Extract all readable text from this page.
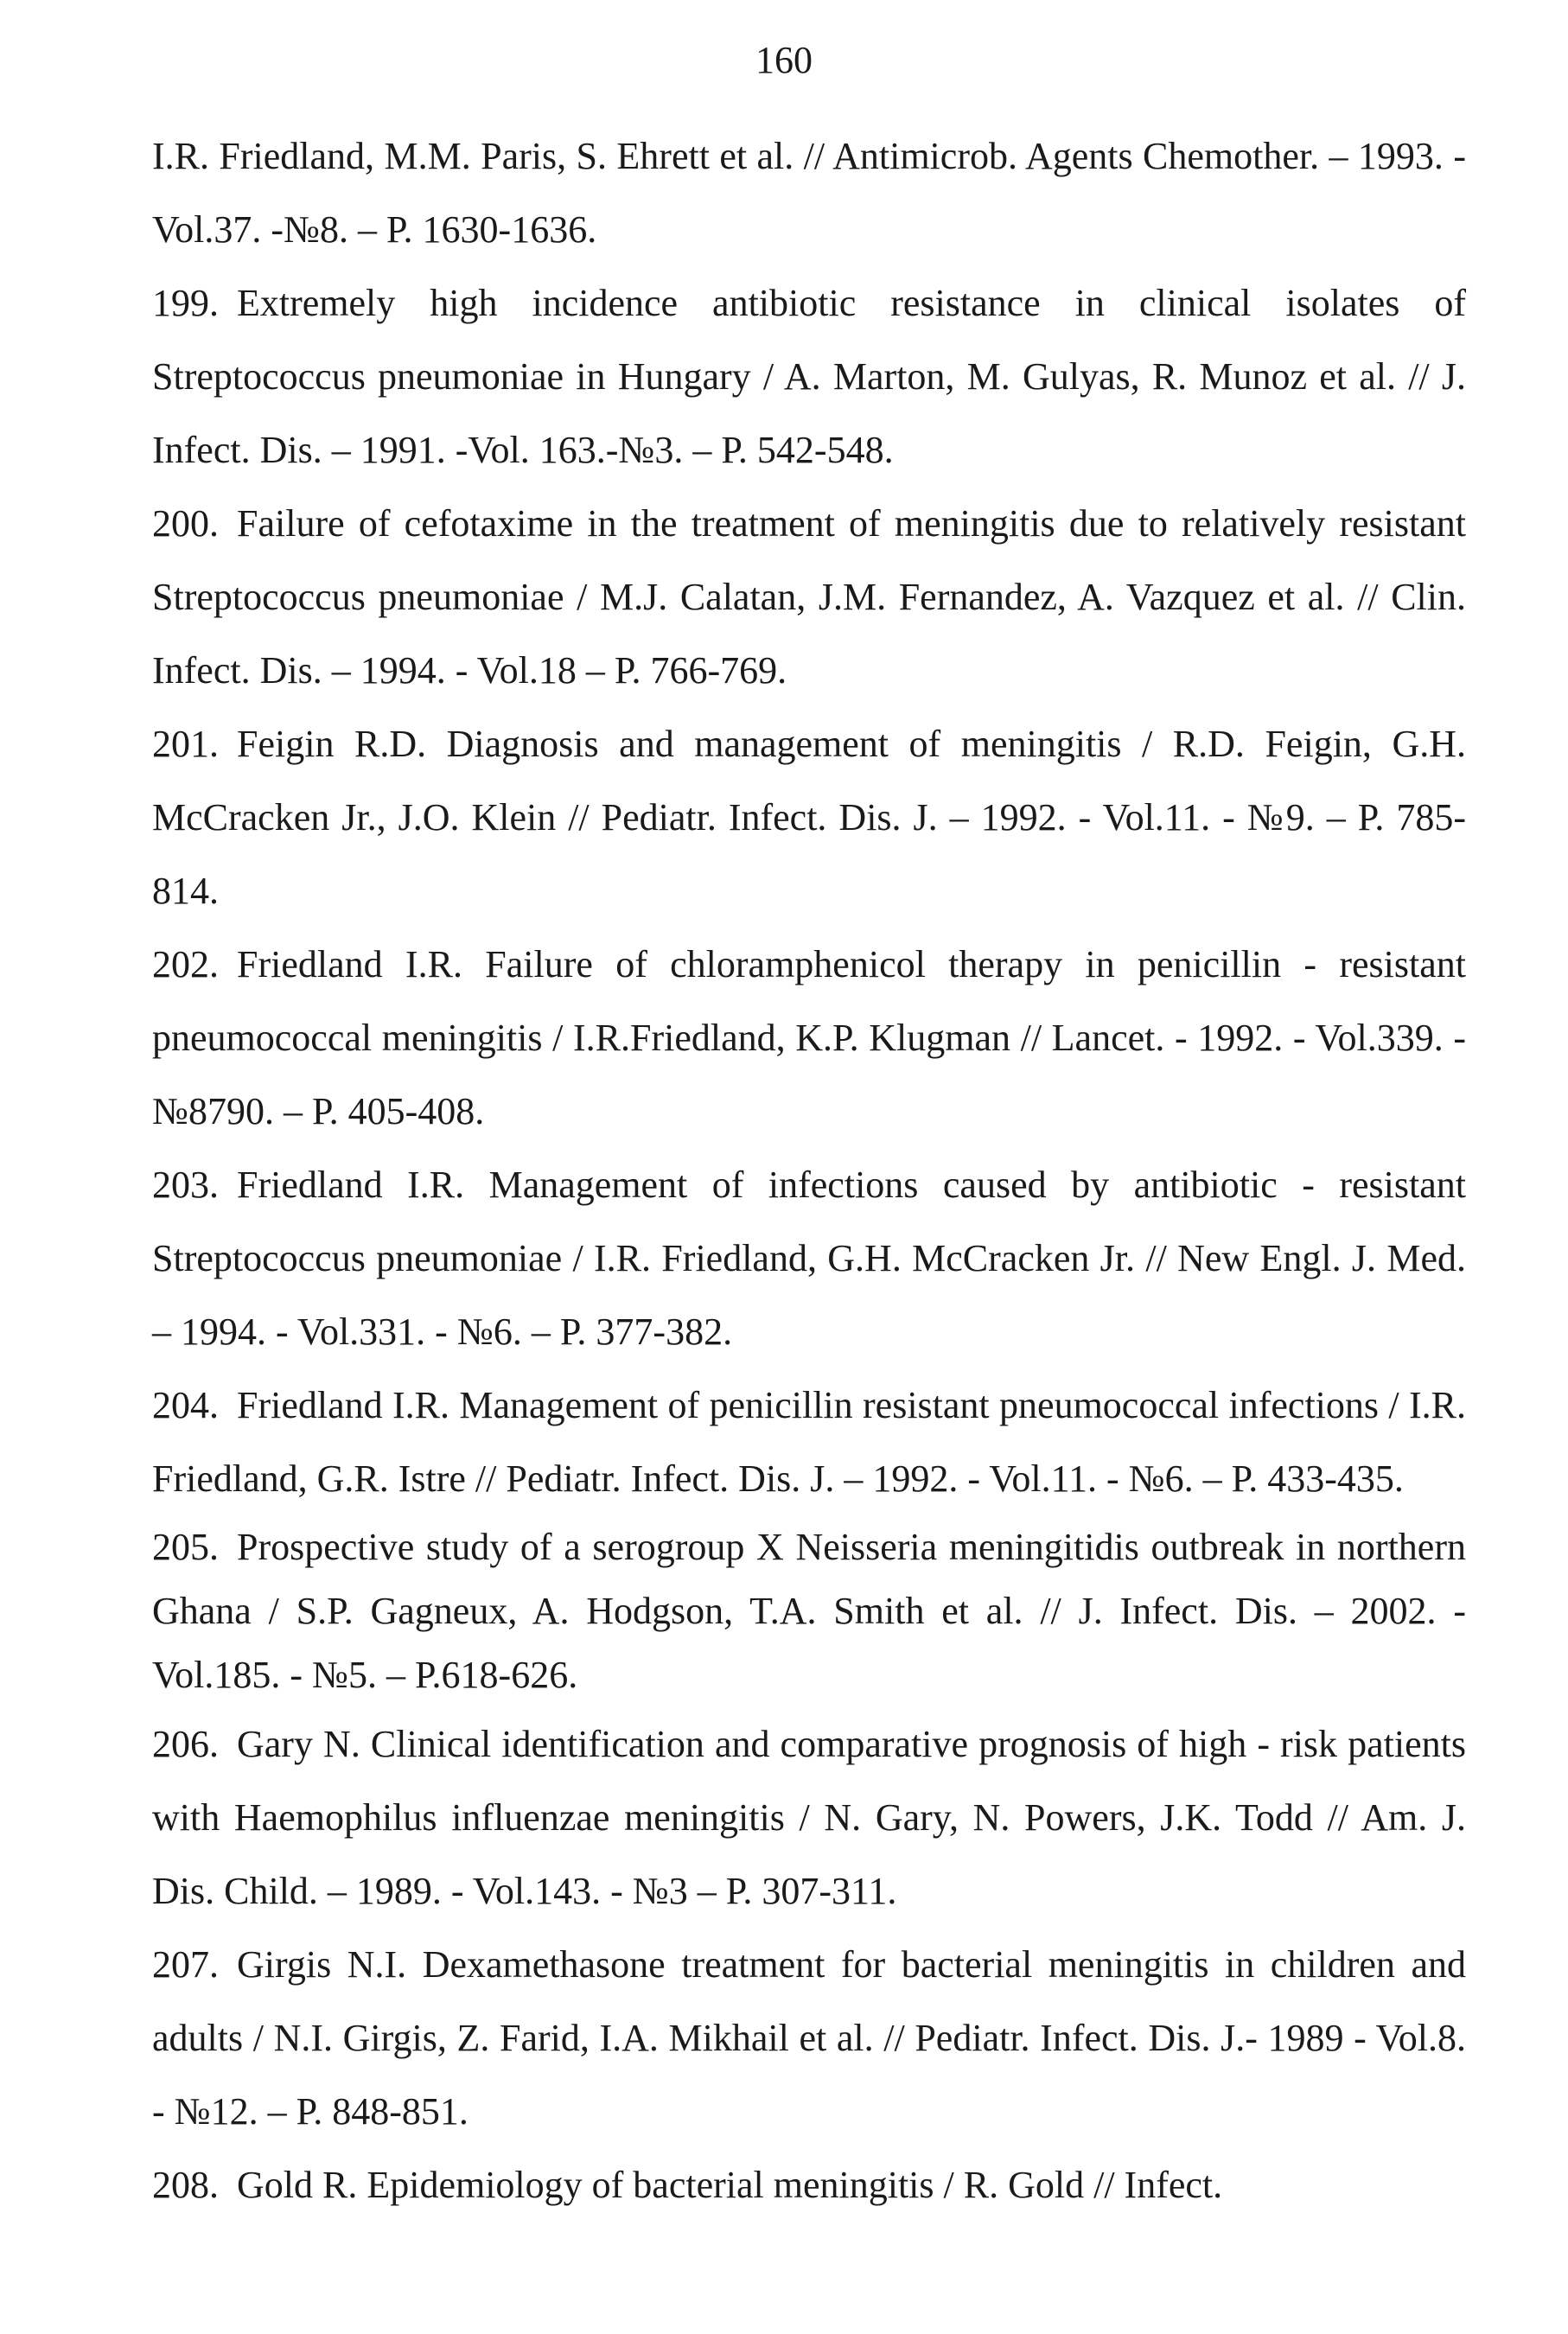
160

I.R. Friedland, M.M. Paris, S. Ehrett et al. // Antimicrob. Agents Chemother. – 1993. - Vol.37. -№8. – P. 1630-1636.

199. Extremely high incidence antibiotic resistance in clinical isolates of Streptococcus pneumoniae in Hungary / A. Marton, M. Gulyas, R. Munoz et al. // J. Infect. Dis. – 1991. -Vol. 163.-№3. – P. 542-548.

200. Failure of cefotaxime in the treatment of meningitis due to relatively resistant Streptococcus pneumoniae / M.J. Calatan, J.M. Fernandez, A. Vazquez et al. // Clin. Infect. Dis. – 1994. - Vol.18 – P. 766-769.

201. Feigin R.D. Diagnosis and management of meningitis / R.D. Feigin, G.H. McCracken Jr., J.O. Klein // Pediatr. Infect. Dis. J. – 1992. - Vol.11. - №9. – P. 785-814.

202. Friedland I.R. Failure of chloramphenicol therapy in penicillin - resistant pneumococcal meningitis / I.R.Friedland, K.P. Klugman // Lancet. - 1992. - Vol.339. - №8790. – P. 405-408.

203. Friedland I.R. Management of infections caused by antibiotic - resistant Streptococcus pneumoniae / I.R. Friedland, G.H. McCracken Jr. // New Engl. J. Med. – 1994. - Vol.331. - №6. – P. 377-382.

204. Friedland I.R. Management of penicillin resistant pneumococcal infections / I.R. Friedland, G.R. Istre // Pediatr. Infect. Dis. J. – 1992. - Vol.11. - №6. – P. 433-435.

205. Prospective study of a serogroup X Neisseria meningitidis outbreak in northern Ghana / S.P. Gagneux, A. Hodgson, T.A. Smith et al. // J. Infect. Dis. – 2002. - Vol.185. - №5. – P.618-626.

206. Gary N. Clinical identification and comparative prognosis of high - risk patients with Haemophilus influenzae meningitis / N. Gary, N. Powers, J.K. Todd // Am. J. Dis. Child. – 1989. - Vol.143. - №3 – P. 307-311.

207. Girgis N.I. Dexamethasone treatment for bacterial meningitis in children and adults / N.I. Girgis, Z. Farid, I.A. Mikhail et al. // Pediatr. Infect. Dis. J.- 1989 - Vol.8. - №12. – P. 848-851.

208. Gold R. Epidemiology of bacterial meningitis / R. Gold // Infect.
